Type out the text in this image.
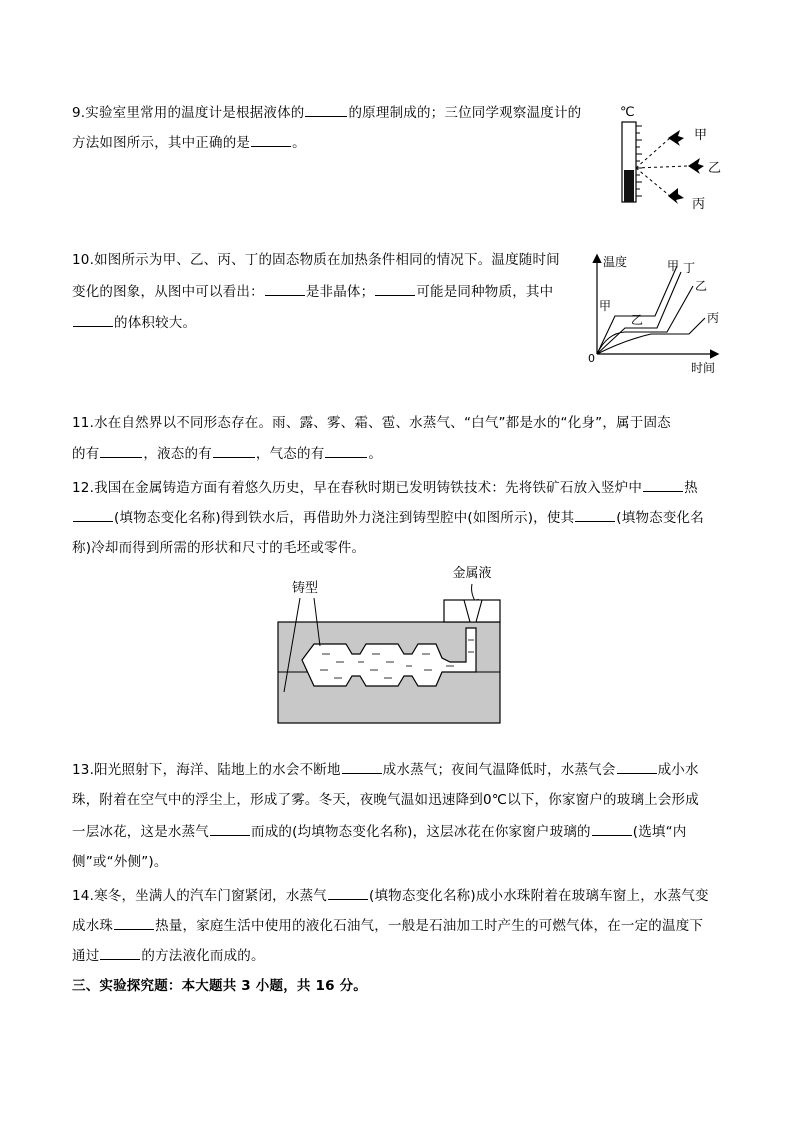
9.实验室里常用的温度计是根据液体的	的原理制成的；三位同学观察温度计的
方法如图所示，其中正确的是	。
℃
甲
乙
丙
10.如图所示为甲、乙、丙、丁的固态物质在加热条件相同的情况下。温度随时间
变化的图象，从图中可以看出：	是非晶体；	可能是同种物质，其中
的体积较大。
温度
时间
0
甲 丁
乙
丙
甲
乙
11.水在自然界以不同形态存在。雨、露、雾、霜、雹、水蒸气、“白气”都是水的“化身”，属于固态
的有	，液态的有	，气态的有	。
12.我国在金属铸造方面有着悠久历史，早在春秋时期已发明铸铁技术：先将铁矿石放入竖炉中	热
(填物态变化名称)得到铁水后，再借助外力浇注到铸型腔中(如图所示)，使其	(填物态变化名
称)冷却而得到所需的形状和尺寸的毛坯或零件。
铸型
金属液
13.阳光照射下，海洋、陆地上的水会不断地	成水蒸气；夜间气温降低时，水蒸气会	成小水
珠，附着在空气中的浮尘上，形成了雾。冬天，夜晚气温如迅速降到0℃以下，你家窗户的玻璃上会形成
一层冰花，这是水蒸气	而成的(均填物态变化名称)，这层冰花在你家窗户玻璃的	(选填“内
侧”或“外侧”)。
14.寒冬，坐满人的汽车门窗紧闭，水蒸气	(填物态变化名称)成小水珠附着在玻璃车窗上，水蒸气变
成水珠	热量，家庭生活中使用的液化石油气，一般是石油加工时产生的可燃气体，在一定的温度下
通过	的方法液化而成的。
三、实验探究题：本大题共 3 小题，共 16 分。
